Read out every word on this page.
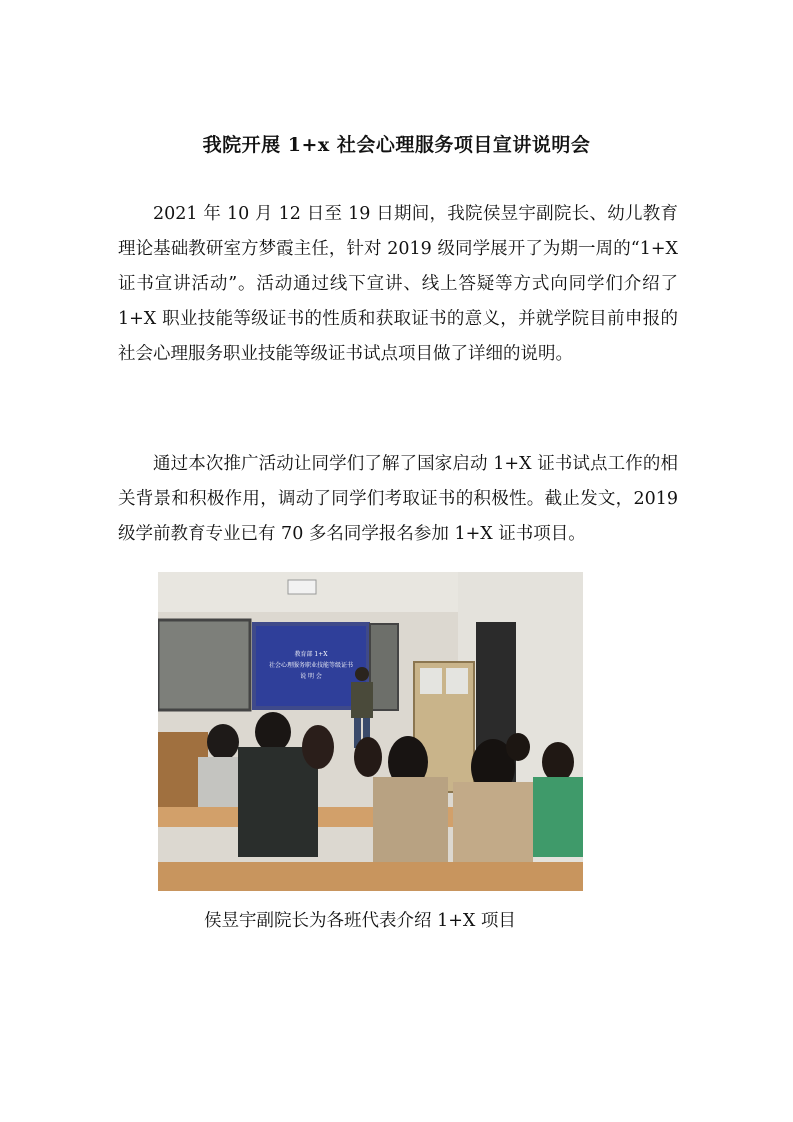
我院开展 1+x 社会心理服务项目宣讲说明会

2021 年 10 月 12 日至 19 日期间，我院侯昱宇副院长、幼儿教育理论基础教研室方梦霞主任，针对 2019 级同学展开了为期一周的“1+X 证书宣讲活动”。活动通过线下宣讲、线上答疑等方式向同学们介绍了 1+X 职业技能等级证书的性质和获取证书的意义，并就学院目前申报的社会心理服务职业技能等级证书试点项目做了详细的说明。

通过本次推广活动让同学们了解了国家启动 1+X 证书试点工作的相关背景和积极作用，调动了同学们考取证书的积极性。截止发文，2019 级学前教育专业已有 70 多名同学报名参加 1+X 证书项目。

教育部 1+X
社会心理服务职业技能等级证书
说 明 会
侯昱宇副院长为各班代表介绍 1+X 项目
